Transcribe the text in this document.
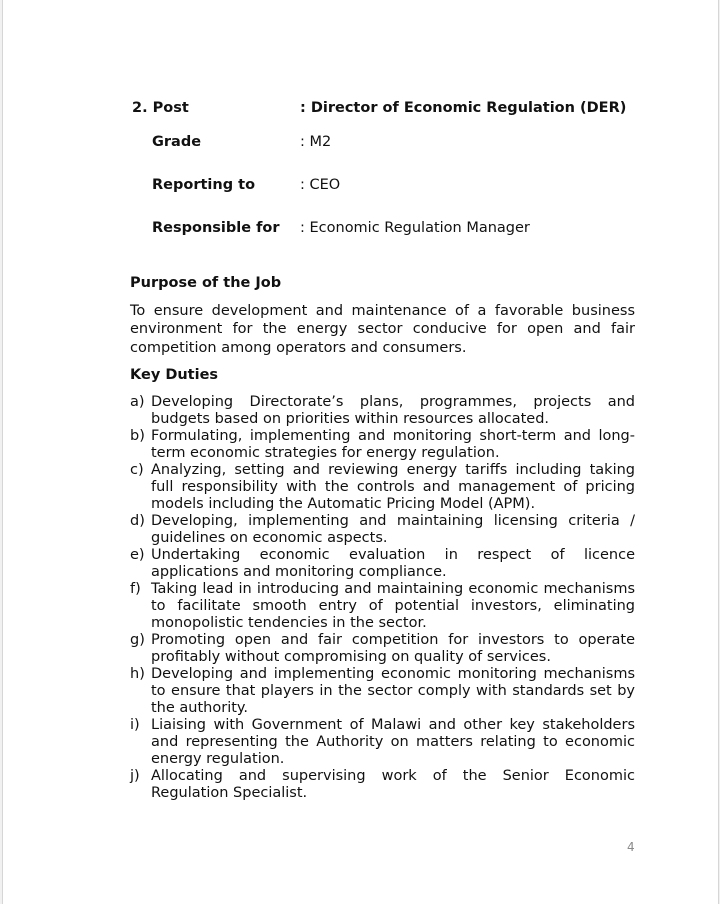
2. Post	: Director of Economic Regulation (DER)
Grade	: M2
Reporting to	: CEO
Responsible for : Economic Regulation Manager
Purpose of the Job
To ensure development and maintenance of a favorable business environment for the energy sector conducive for open and fair competition among operators and consumers.
Key Duties
a) Developing Directorate’s plans, programmes, projects and budgets based on priorities within resources allocated.
b) Formulating, implementing and monitoring short-term and long-term economic strategies for energy regulation.
c) Analyzing, setting and reviewing energy tariffs including taking full responsibility with the controls and management of pricing models including the Automatic Pricing Model (APM).
d) Developing, implementing and maintaining licensing criteria / guidelines on economic aspects.
e) Undertaking economic evaluation in respect of licence applications and monitoring compliance.
f) Taking lead in introducing and maintaining economic mechanisms to facilitate smooth entry of potential investors, eliminating monopolistic tendencies in the sector.
g) Promoting open and fair competition for investors to operate profitably without compromising on quality of services.
h) Developing and implementing economic monitoring mechanisms to ensure that players in the sector comply with standards set by the authority.
i) Liaising with Government of Malawi and other key stakeholders and representing the Authority on matters relating to economic energy regulation.
j) Allocating and supervising work of the Senior Economic Regulation Specialist.
4
